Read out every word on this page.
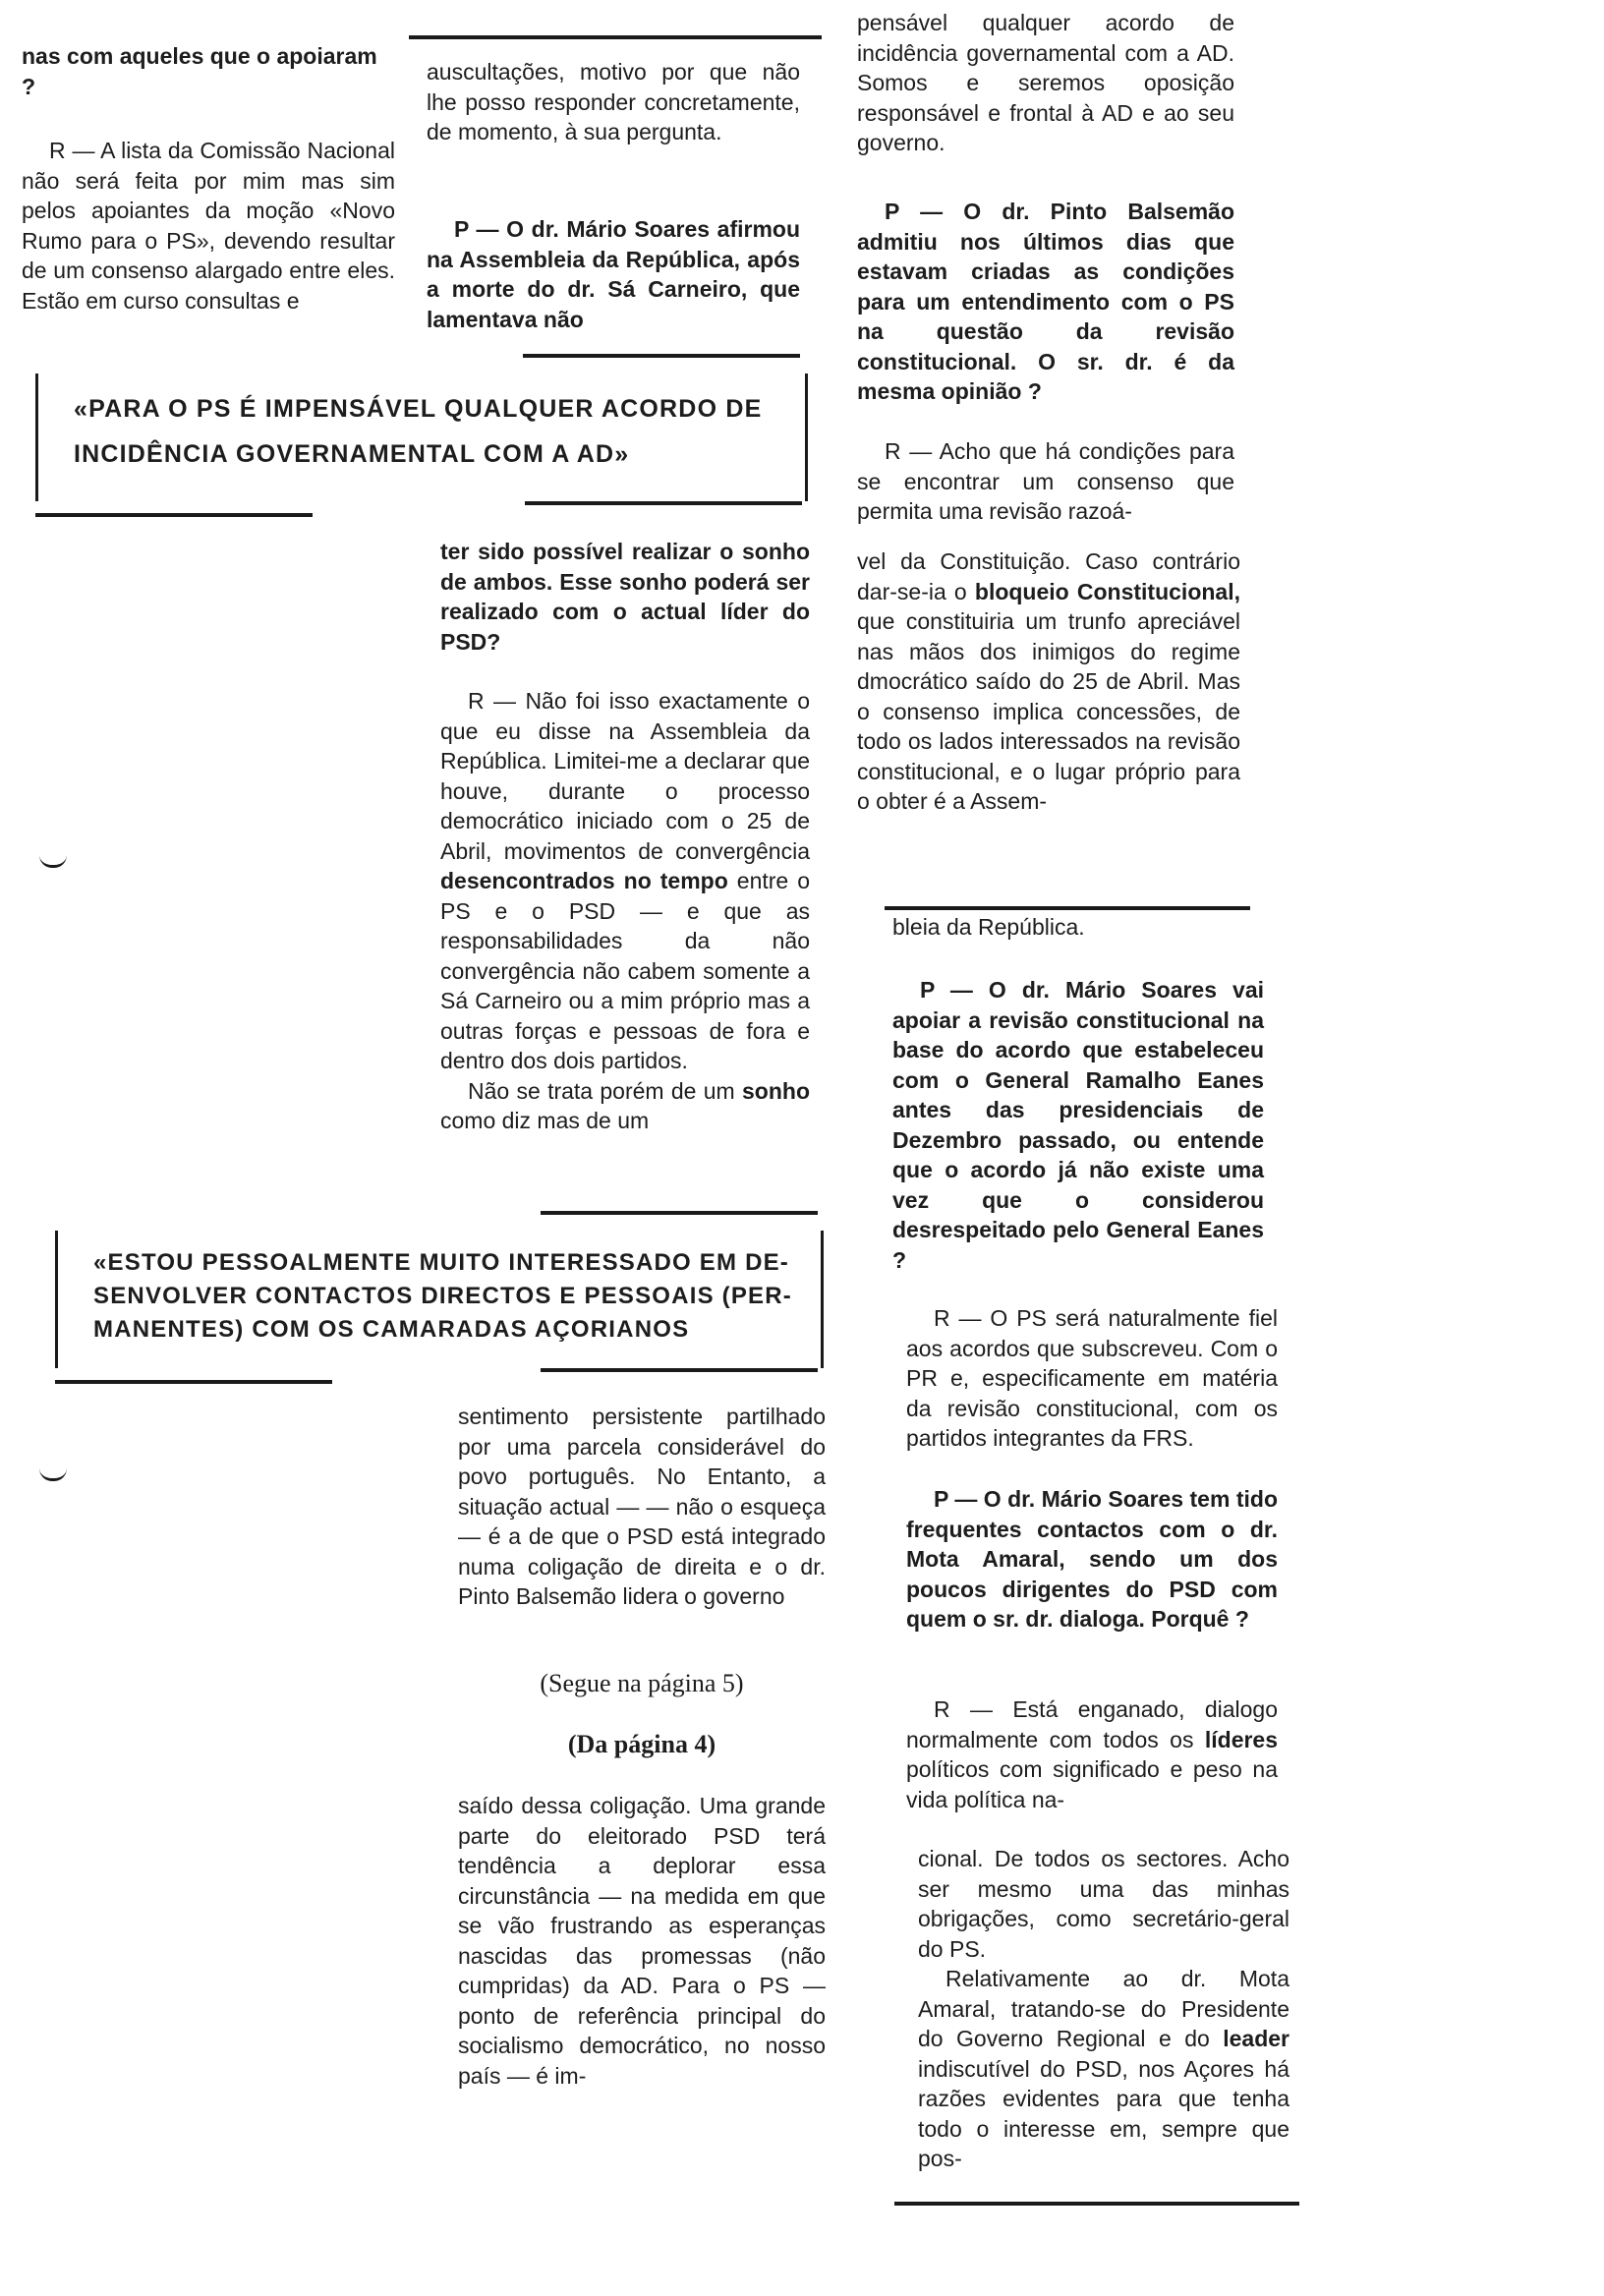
nas com aqueles que o apoiaram ?

R — A lista da Comissão Nacional não será feita por mim mas sim pelos apoiantes da moção «Novo Rumo para o PS», devendo resultar de um consenso alargado entre eles. Estão em curso consultas e

auscultações, motivo por que não lhe posso responder concretamente, de momento, à sua pergunta.

P — O dr. Mário Soares afirmou na Assembleia da República, após a morte do dr. Sá Carneiro, que lamentava não

«PARA O PS É IMPENSÁVEL QUALQUER ACORDO DE
INCIDÊNCIA GOVERNAMENTAL COM A AD»

ter sido possível realizar o sonho de ambos. Esse sonho poderá ser realizado com o actual líder do PSD?

R — Não foi isso exactamente o que eu disse na Assembleia da República. Limitei-me a declarar que houve, durante o processo democrático iniciado com o 25 de Abril, movimentos de convergência desencontrados no tempo entre o PS e o PSD — e que as responsabilidades da não convergência não cabem somente a Sá Carneiro ou a mim próprio mas a outras forças e pessoas de fora e dentro dos dois partidos.

Não se trata porém de um sonho como diz mas de um

«ESTOU PESSOALMENTE MUITO INTERESSADO EM DE-
SENVOLVER CONTACTOS DIRECTOS E PESSOAIS (PER-
MANENTES) COM OS CAMARADAS AÇORIANOS

sentimento persistente partilhado por uma parcela considerável do povo português. No Entanto, a situação actual — — não o esqueça — é a de que o PSD está integrado numa coligação de direita e o dr. Pinto Balsemão lidera o governo

(Segue na página 5)

(Da página 4)

saído dessa coligação. Uma grande parte do eleitorado PSD terá tendência a deplorar essa circunstância — na medida em que se vão frustrando as esperanças nascidas das promessas (não cumpridas) da AD. Para o PS — ponto de referência principal do socialismo democrático, no nosso país — é im-

pensável qualquer acordo de incidência governamental com a AD. Somos e seremos oposição responsável e frontal à AD e ao seu governo.

P — O dr. Pinto Balsemão admitiu nos últimos dias que estavam criadas as condições para um entendimento com o PS na questão da revisão constitucional. O sr. dr. é da mesma opinião ?

R — Acho que há condições para se encontrar um consenso que permita uma revisão razoá-

vel da Constituição. Caso contrário dar-se-ia o bloqueio Constitucional, que constituiria um trunfo apreciável nas mãos dos inimigos do regime dmocrático saído do 25 de Abril. Mas o consenso implica concessões, de todo os lados interessados na revisão constitucional, e o lugar próprio para o obter é a Assem-

bleia da República.

P — O dr. Mário Soares vai apoiar a revisão constitucional na base do acordo que estabeleceu com o General Ramalho Eanes antes das presidenciais de Dezembro passado, ou entende que o acordo já não existe uma vez que o considerou desrespeitado pelo General Eanes ?

R — O PS será naturalmente fiel aos acordos que subscreveu. Com o PR e, especificamente em matéria da revisão constitucional, com os partidos integrantes da FRS.

P — O dr. Mário Soares tem tido frequentes contactos com o dr. Mota Amaral, sendo um dos poucos dirigentes do PSD com quem o sr. dr. dialoga. Porquê ?

R — Está enganado, dialogo normalmente com todos os líderes políticos com significado e peso na vida política na-

cional. De todos os sectores. Acho ser mesmo uma das minhas obrigações, como secretário-geral do PS.

Relativamente ao dr. Mota Amaral, tratando-se do Presidente do Governo Regional e do leader indiscutível do PSD, nos Açores há razões evidentes para que tenha todo o interesse em, sempre que pos-
